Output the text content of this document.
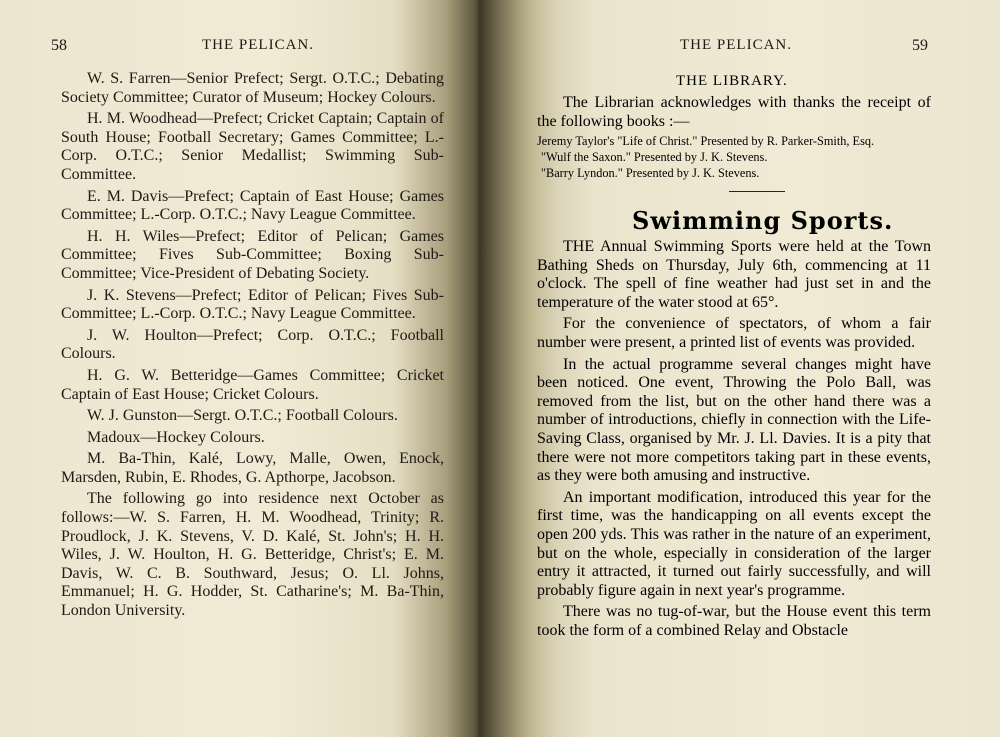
58	THE PELICAN.

W. S. Farren—Senior Prefect; Sergt. O.T.C.; Debating Society Committee; Curator of Museum; Hockey Colours.

H. M. Woodhead—Prefect; Cricket Captain; Captain of South House; Football Secretary; Games Committee; L.-Corp. O.T.C.; Senior Medallist; Swimming Sub-Committee.

E. M. Davis—Prefect; Captain of East House; Games Committee; L.-Corp. O.T.C.; Navy League Committee.

H. H. Wiles—Prefect; Editor of Pelican; Games Committee; Fives Sub-Committee; Boxing Sub-Committee; Vice-President of Debating Society.

J. K. Stevens—Prefect; Editor of Pelican; Fives Sub-Committee; L.-Corp. O.T.C.; Navy League Committee.

J. W. Houlton—Prefect; Corp. O.T.C.; Football Colours.

H. G. W. Betteridge—Games Committee; Cricket Captain of East House; Cricket Colours.

W. J. Gunston—Sergt. O.T.C.; Football Colours.

Madoux—Hockey Colours.

M. Ba-Thin, Kalé, Lowy, Malle, Owen, Enock, Marsden, Rubin, E. Rhodes, G. Apthorpe, Jacobson.

The following go into residence next October as follows:—W. S. Farren, H. M. Woodhead, Trinity; R. Proudlock, J. K. Stevens, V. D. Kalé, St. John's; H. H. Wiles, J. W. Houlton, H. G. Betteridge, Christ's; E. M. Davis, W. C. B. Southward, Jesus; O. Ll. Johns, Emmanuel; H. G. Hodder, St. Catharine's; M. Ba-Thin, London University.

THE PELICAN.	59
THE LIBRARY.

The Librarian acknowledges with thanks the receipt of the following books :—

Jeremy Taylor's "Life of Christ." Presented by R. Parker-Smith, Esq.
"Wulf the Saxon." Presented by J. K. Stevens.
"Barry Lyndon." Presented by J. K. Stevens.
Swimming Sports.

THE Annual Swimming Sports were held at the Town Bathing Sheds on Thursday, July 6th, commencing at 11 o'clock. The spell of fine weather had just set in and the temperature of the water stood at 65°.

For the convenience of spectators, of whom a fair number were present, a printed list of events was provided.

In the actual programme several changes might have been noticed. One event, Throwing the Polo Ball, was removed from the list, but on the other hand there was a number of introductions, chiefly in connection with the Life-Saving Class, organised by Mr. J. Ll. Davies. It is a pity that there were not more competitors taking part in these events, as they were both amusing and instructive.

An important modification, introduced this year for the first time, was the handicapping on all events except the open 200 yds. This was rather in the nature of an experiment, but on the whole, especially in consideration of the larger entry it attracted, it turned out fairly successfully, and will probably figure again in next year's programme.

There was no tug-of-war, but the House event this term took the form of a combined Relay and Obstacle
